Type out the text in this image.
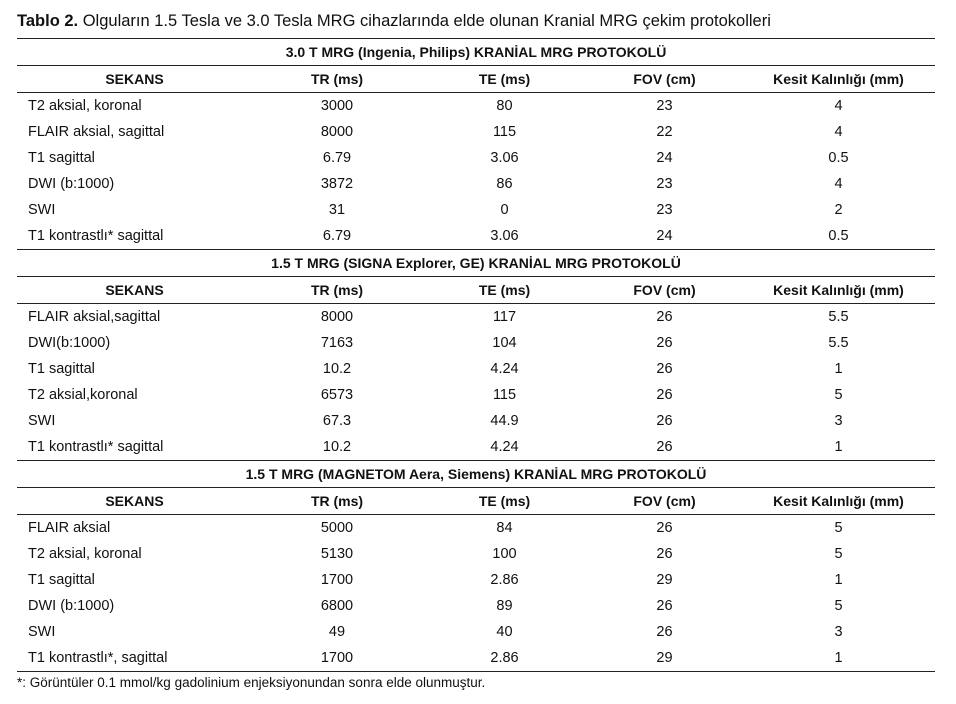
Tablo 2. Olguların 1.5 Tesla ve 3.0 Tesla MRG cihazlarında elde olunan Kranial MRG çekim protokolleri
3.0 T MRG (Ingenia, Philips) KRANİAL MRG PROTOKOLÜ				
SEKANS	TR (ms)	TE (ms)	FOV (cm)	Kesit Kalınlığı (mm)
T2 aksial, koronal	3000	80	23	4
FLAIR aksial, sagittal	8000	115	22	4
T1 sagittal	6.79	3.06	24	0.5
DWI (b:1000)	3872	86	23	4
SWI	31	0	23	2
T1 kontrastlı* sagittal	6.79	3.06	24	0.5
1.5 T MRG (SIGNA Explorer, GE) KRANİAL MRG PROTOKOLÜ				
SEKANS	TR (ms)	TE (ms)	FOV (cm)	Kesit Kalınlığı (mm)
FLAIR aksial,sagittal	8000	117	26	5.5
DWI(b:1000)	7163	104	26	5.5
T1 sagittal	10.2	4.24	26	1
T2 aksial,koronal	6573	115	26	5
SWI	67.3	44.9	26	3
T1 kontrastlı* sagittal	10.2	4.24	26	1
1.5 T MRG (MAGNETOM Aera, Siemens) KRANİAL MRG PROTOKOLÜ				
SEKANS	TR (ms)	TE (ms)	FOV (cm)	Kesit Kalınlığı (mm)
FLAIR aksial	5000	84	26	5
T2 aksial, koronal	5130	100	26	5
T1 sagittal	1700	2.86	29	1
DWI (b:1000)	6800	89	26	5
SWI	49	40	26	3
T1 kontrastlı*, sagittal	1700	2.86	29	1
*: Görüntüler 0.1 mmol/kg gadolinium enjeksiyonundan sonra elde olunmuştur.
